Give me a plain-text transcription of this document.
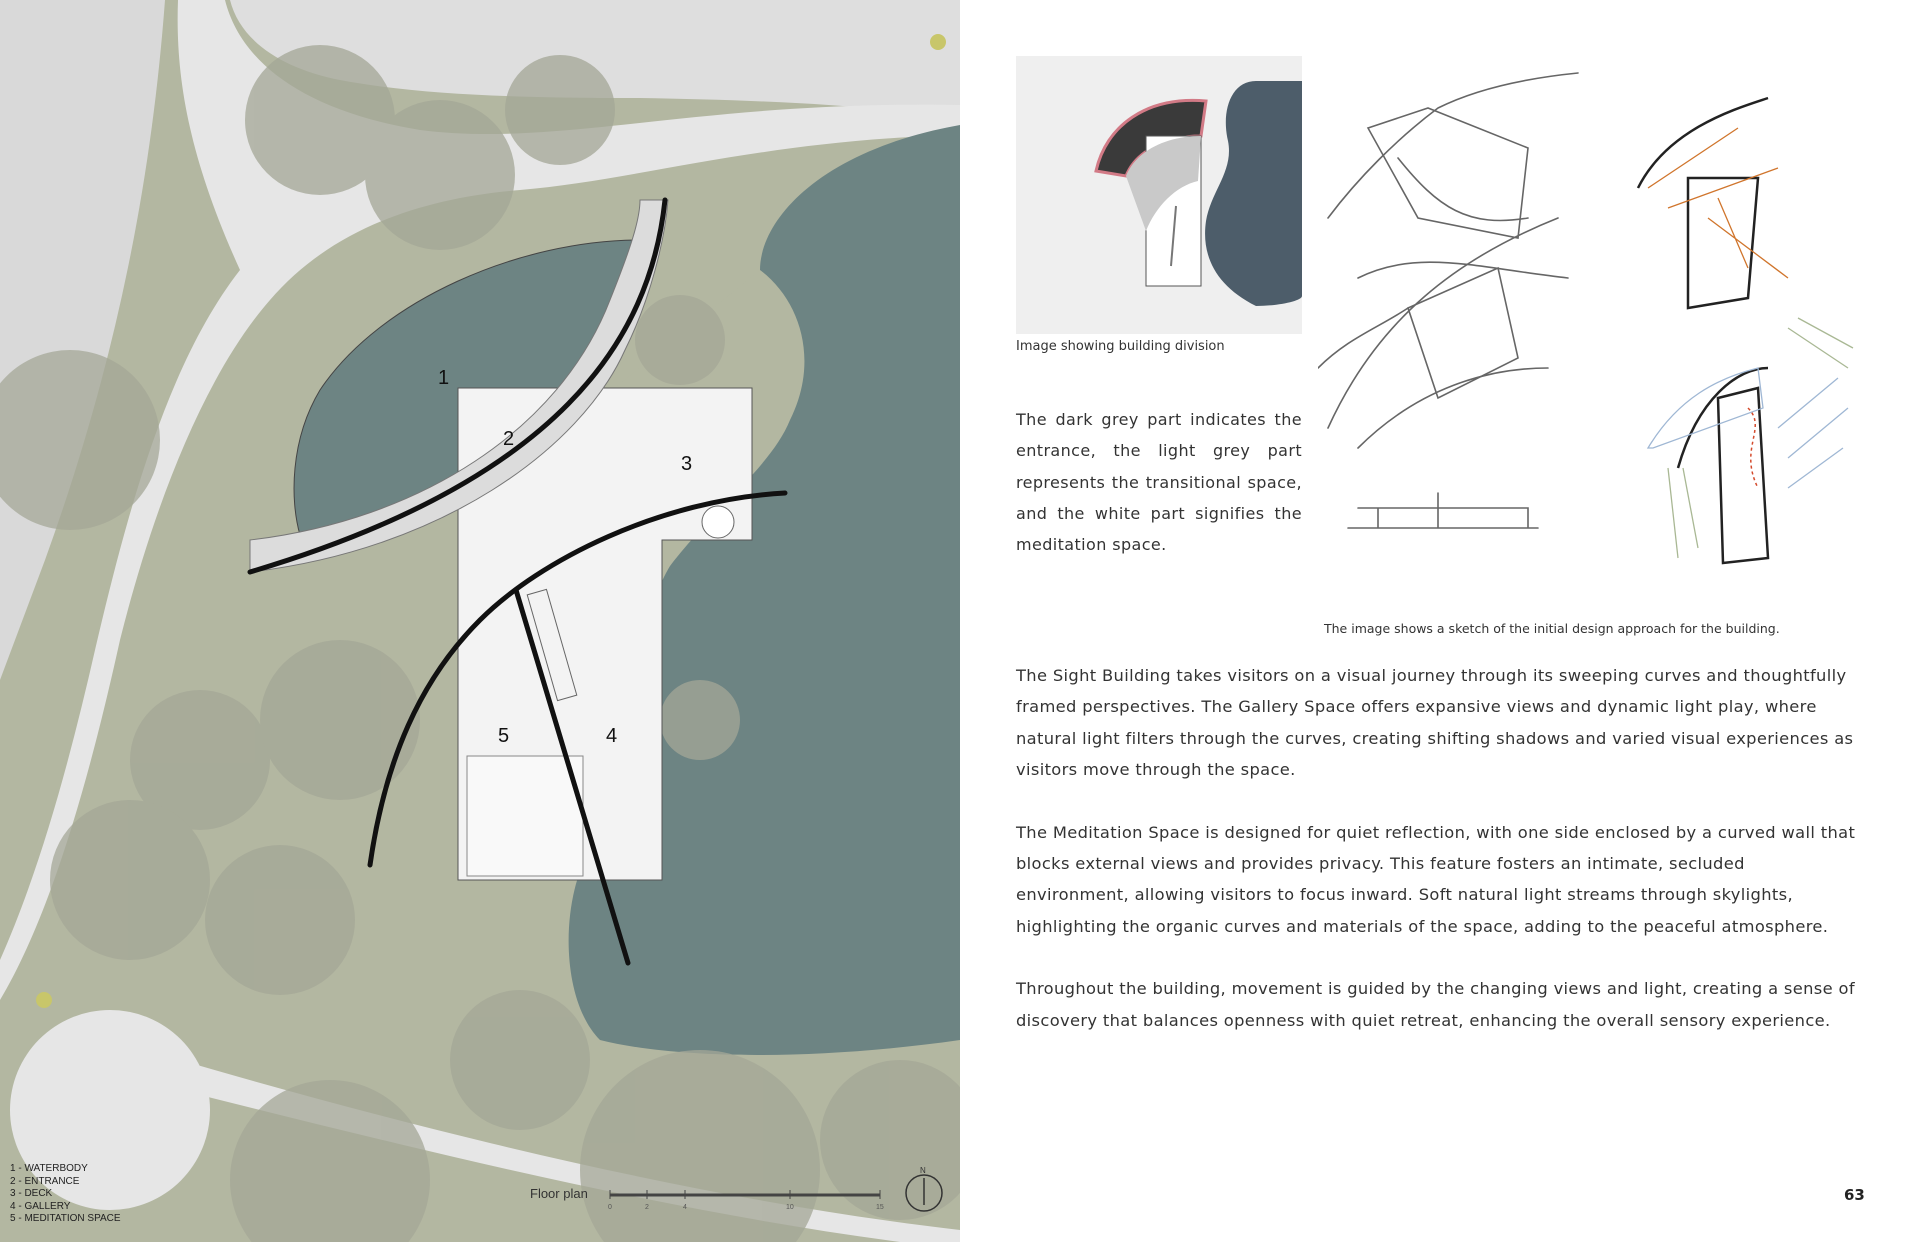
1
2
3
4
5
N
1 - WATERBODY
2 - ENTRANCE
3 - DECK
4 - GALLERY
5 - MEDITATION SPACE
Floor plan
0	2	4	10	15
Image showing building division
The dark grey part indicates the entrance, the light grey part represents the transitional space, and the white part signifies the meditation space.
The image shows a sketch of the initial design approach for the building.

The Sight Building takes visitors on a visual journey through its sweeping curves and thoughtfully framed perspectives. The Gallery Space offers expansive views and dynamic light play, where natural light filters through the curves, creating shifting shadows and varied visual experiences as visitors move through the space.

The Meditation Space is designed for quiet reflection, with one side enclosed by a curved wall that blocks external views and provides privacy. This feature fosters an intimate, secluded environment, allowing visitors to focus inward. Soft natural light streams through skylights, highlighting the organic curves and materials of the space, adding to the peaceful atmosphere.

Throughout the building, movement is guided by the changing views and light, creating a sense of discovery that balances openness with quiet retreat, enhancing the overall sensory experience.

63
